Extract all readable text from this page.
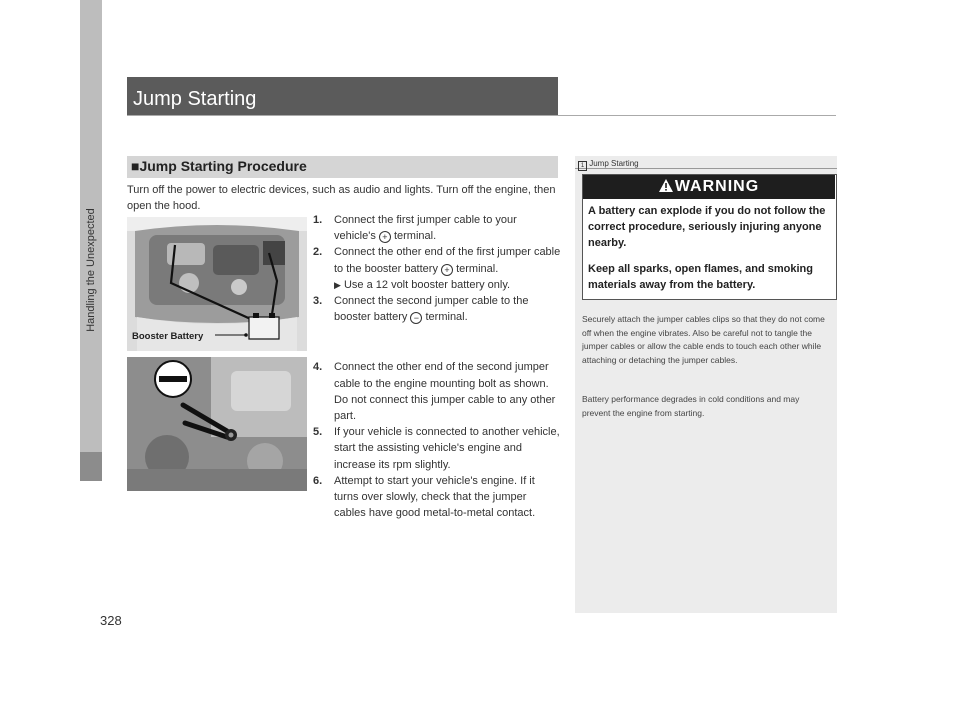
Handling the Unexpected
328
Jump Starting
■Jump Starting Procedure
Turn off the power to electric devices, such as audio and lights. Turn off the engine, then open the hood.
Booster Battery
1.	Connect the first jumper cable to your vehicle's + terminal.
2.	Connect the other end of the first jumper cable to the booster battery + terminal.
▶ Use a 12 volt booster battery only.
3.	Connect the second jumper cable to the booster battery − terminal.
4.	Connect the other end of the second jumper cable to the engine mounting bolt as shown. Do not connect this jumper cable to any other part.
5.	If your vehicle is connected to another vehicle, start the assisting vehicle's engine and increase its rpm slightly.
6.	Attempt to start your vehicle's engine. If it turns over slowly, check that the jumper cables have good metal-to-metal contact.
1 Jump Starting
WARNING
A battery can explode if you do not follow the correct procedure, seriously injuring anyone nearby.
Keep all sparks, open flames, and smoking materials away from the battery.
Securely attach the jumper cables clips so that they do not come off when the engine vibrates. Also be careful not to tangle the jumper cables or allow the cable ends to touch each other while attaching or detaching the jumper cables.
Battery performance degrades in cold conditions and may prevent the engine from starting.
